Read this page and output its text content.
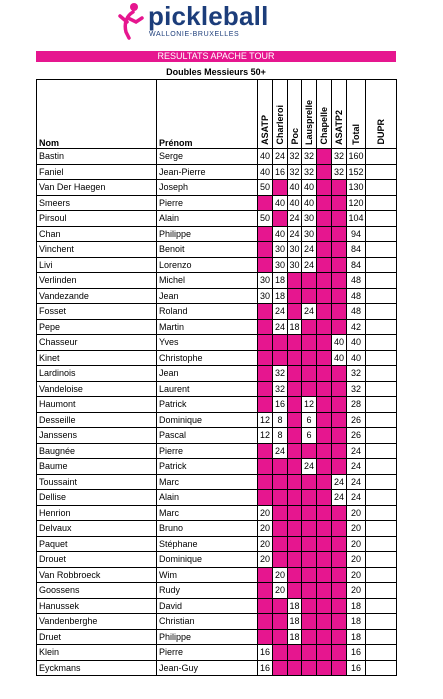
pickleball
WALLONIE-BRUXELLES
RESULTATS APACHE TOUR
Doubles Messieurs 50+
Nom	Prénom	ASATP	Charleroi	Poc	Lausprelle	Chapelle	ASATP2	Total	DUPR

Bastin	Serge	40	24	32	32		32	160	
Faniel	Jean-Pierre	40	16	32	32		32	152	
Van Der Haegen	Joseph	50		40	40			130	
Smeers	Pierre		40	40	40			120	
Pirsoul	Alain	50		24	30			104	
Chan	Philippe		40	24	30			94	
Vinchent	Benoit		30	30	24			84	
Livi	Lorenzo		30	30	24			84	
Verlinden	Michel	30	18					48	
Vandezande	Jean	30	18					48	
Fosset	Roland		24		24			48	
Pepe	Martin		24	18				42	
Chasseur	Yves						40	40	
Kinet	Christophe						40	40	
Lardinois	Jean		32					32	
Vandeloise	Laurent		32					32	
Haumont	Patrick		16		12			28	
Desseille	Dominique	12	8		6			26	
Janssens	Pascal	12	8		6			26	
Baugnée	Pierre		24					24	
Baume	Patrick				24			24	
Toussaint	Marc						24	24	
Dellise	Alain						24	24	
Henrion	Marc	20						20	
Delvaux	Bruno	20						20	
Paquet	Stéphane	20						20	
Drouet	Dominique	20						20	
Van Robbroeck	Wim		20					20	
Goossens	Rudy		20					20	
Hanussek	David			18				18	
Vandenberghe	Christian			18				18	
Druet	Philippe			18				18	
Klein	Pierre	16						16	
Eyckmans	Jean-Guy	16						16	
